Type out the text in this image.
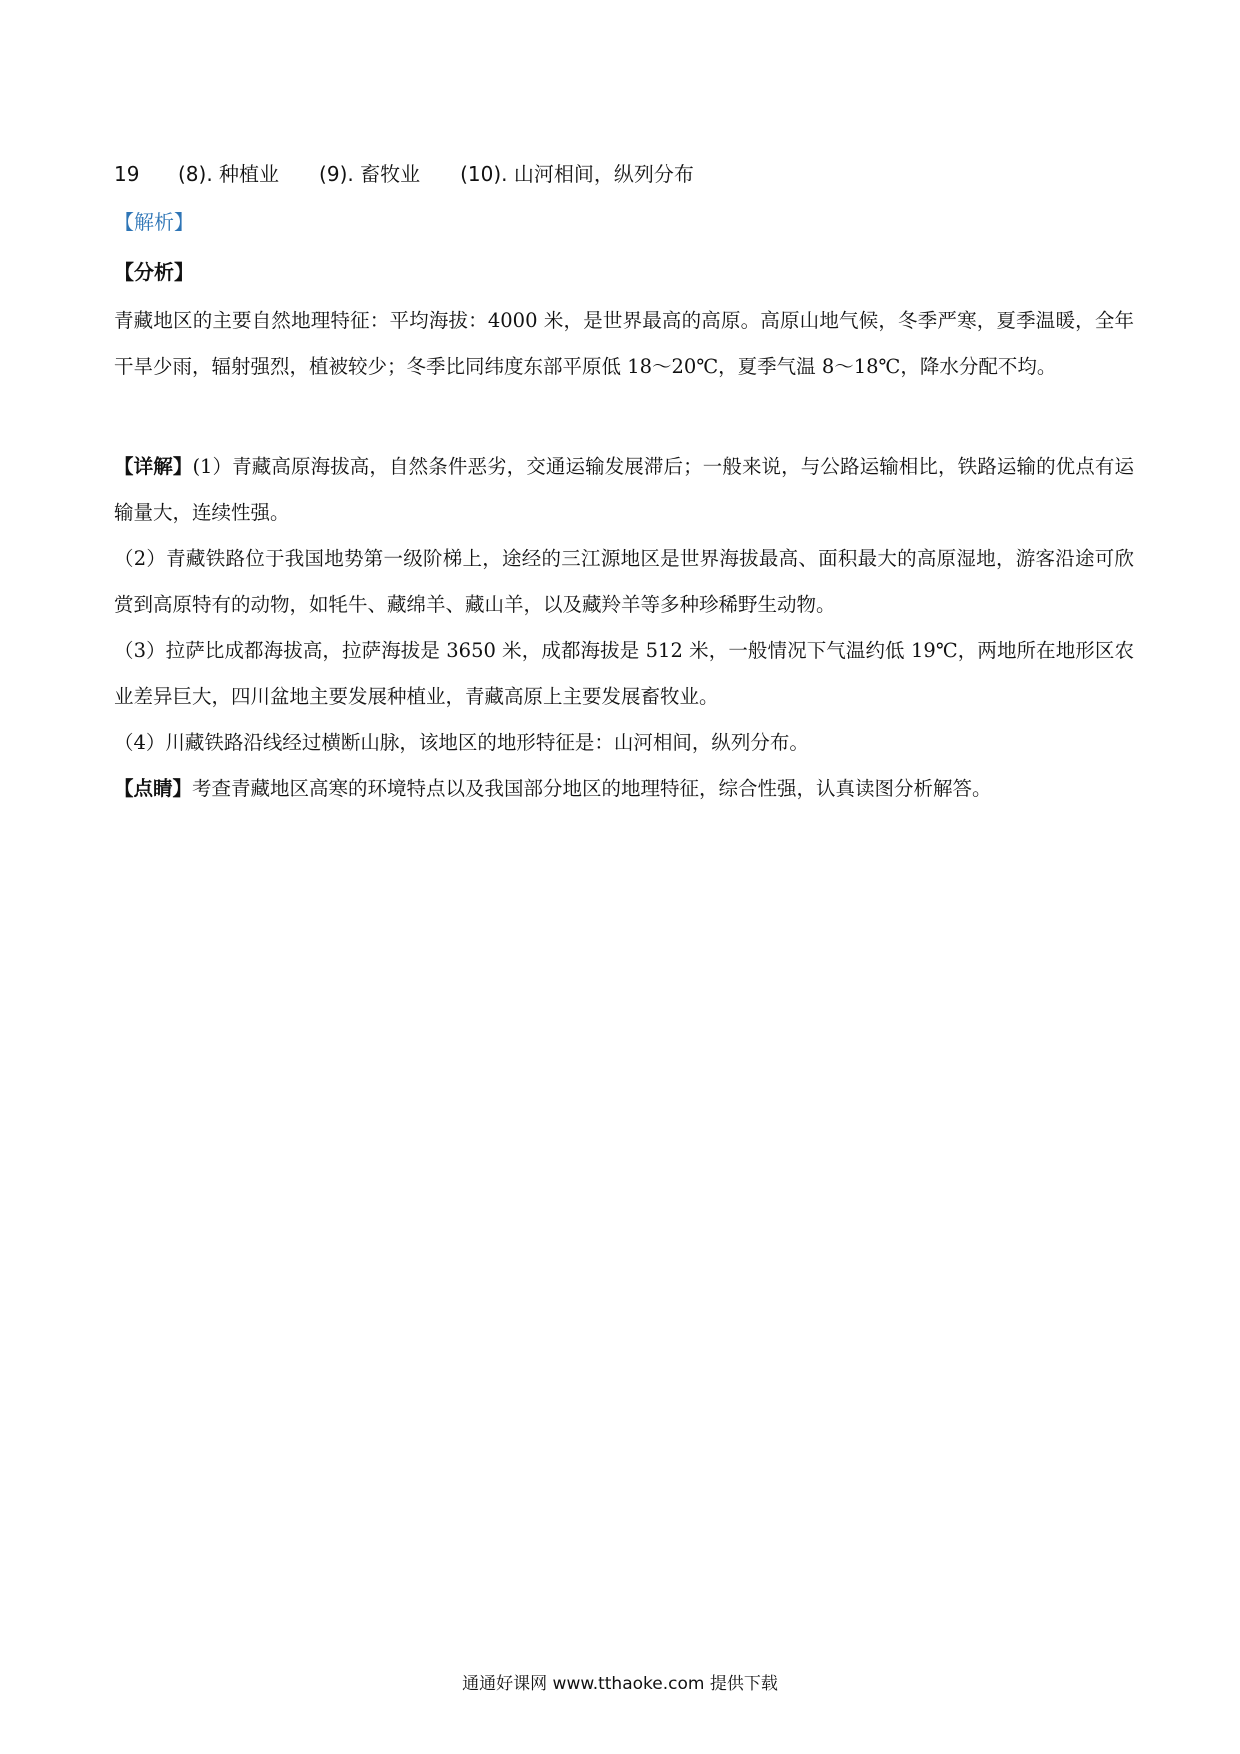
19 (8). 种植业 (9). 畜牧业 (10). 山河相间，纵列分布
【解析】
【分析】

青藏地区的主要自然地理特征：平均海拔：4000 米，是世界最高的高原。高原山地气候，冬季严寒，夏季温暖，全年干旱少雨，辐射强烈，植被较少；冬季比同纬度东部平原低 18～20℃，夏季气温 8～18℃，降水分配不均。

【详解】(1）青藏高原海拔高，自然条件恶劣，交通运输发展滞后；一般来说，与公路运输相比，铁路运输的优点有运输量大，连续性强。

（2）青藏铁路位于我国地势第一级阶梯上，途经的三江源地区是世界海拔最高、面积最大的高原湿地，游客沿途可欣赏到高原特有的动物，如牦牛、藏绵羊、藏山羊，以及藏羚羊等多种珍稀野生动物。

（3）拉萨比成都海拔高，拉萨海拔是 3650 米，成都海拔是 512 米，一般情况下气温约低 19℃，两地所在地形区农业差异巨大，四川盆地主要发展种植业，青藏高原上主要发展畜牧业。

（4）川藏铁路沿线经过横断山脉，该地区的地形特征是：山河相间，纵列分布。

【点睛】考查青藏地区高寒的环境特点以及我国部分地区的地理特征，综合性强，认真读图分析解答。

通通好课网 www.tthaoke.com 提供下载
